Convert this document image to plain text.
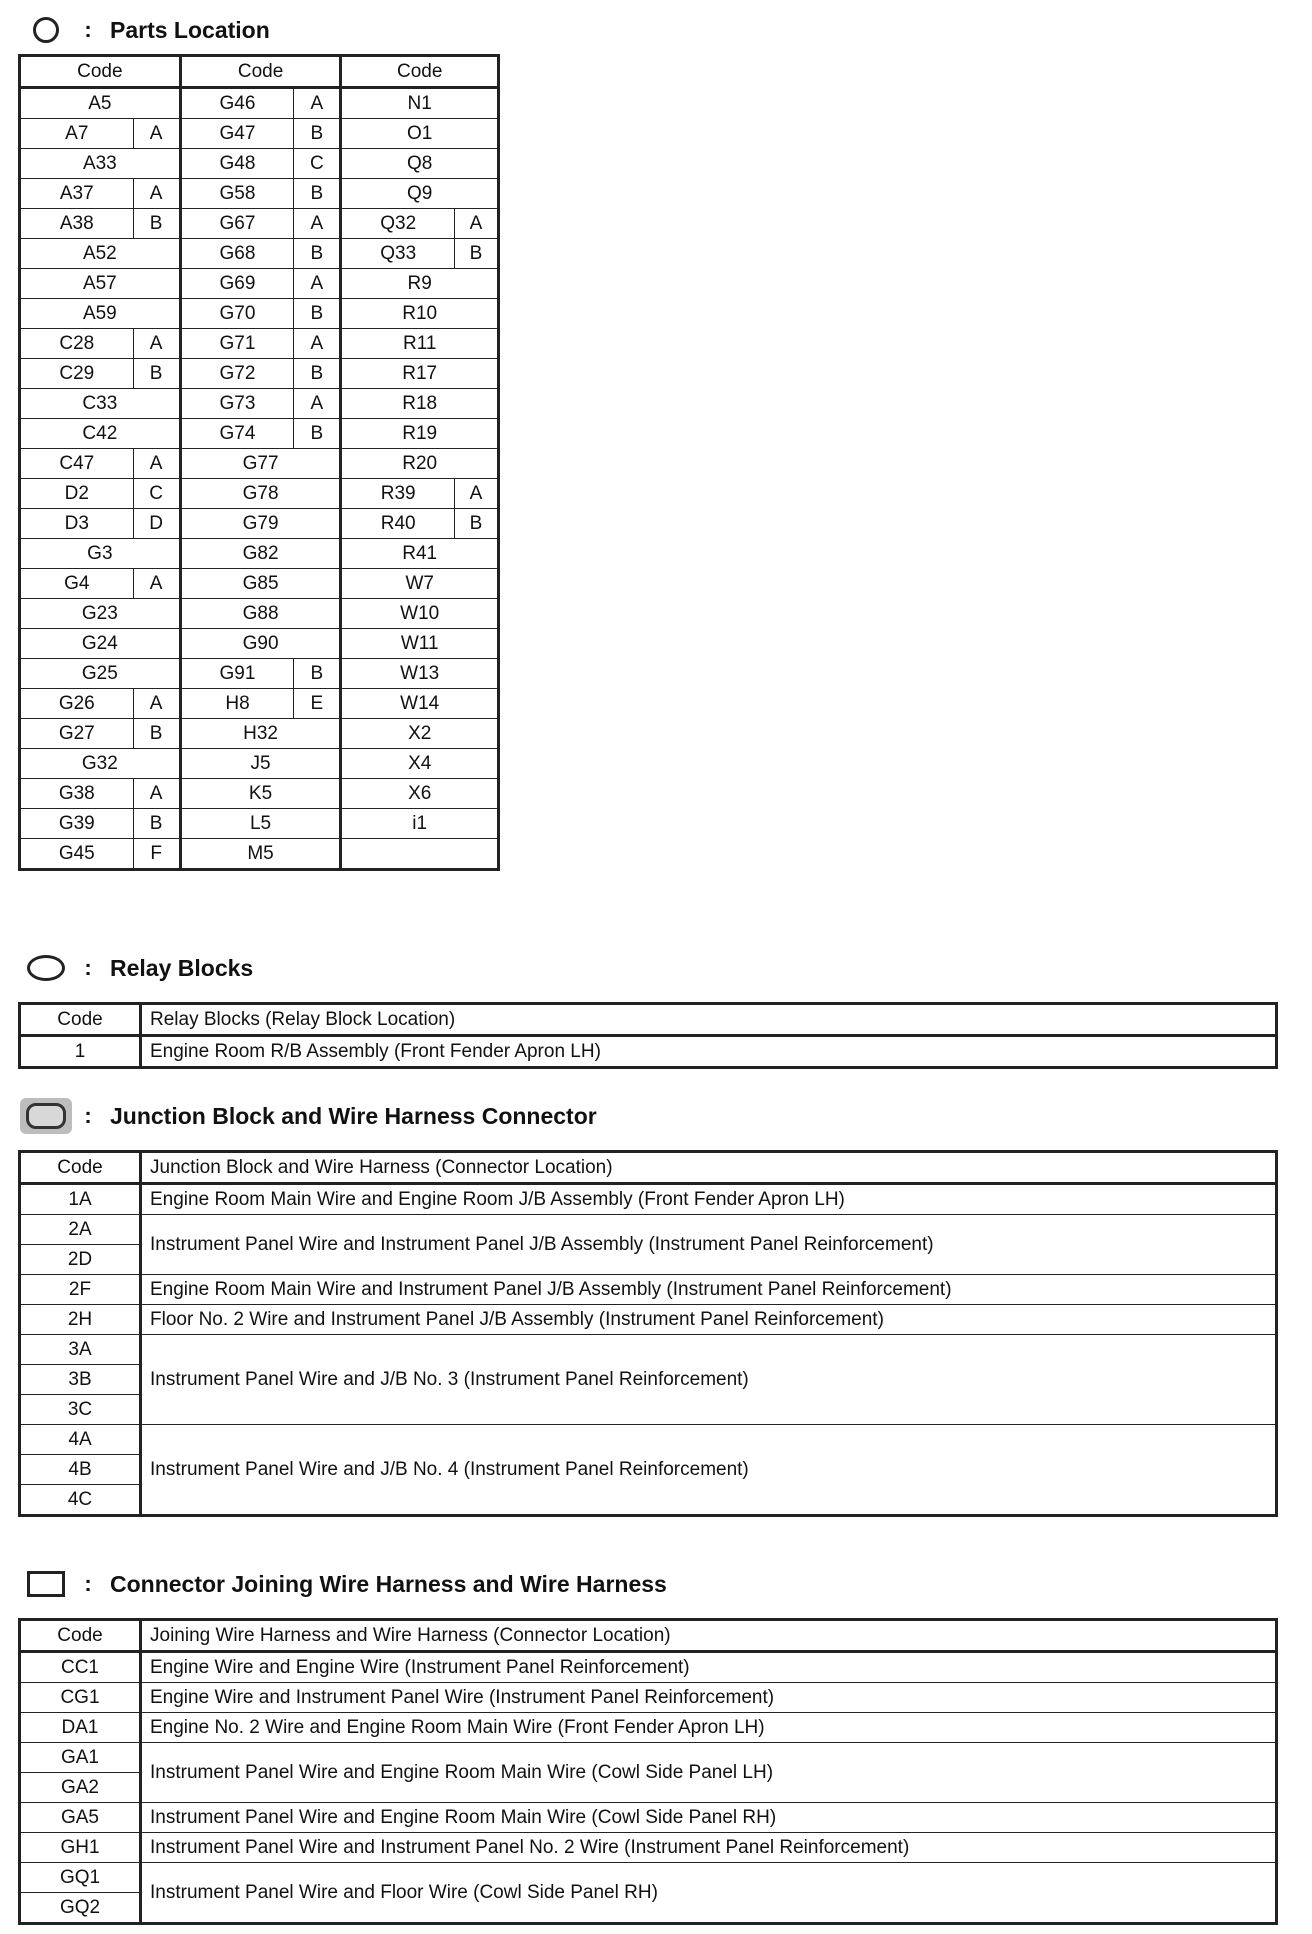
: Parts Location
Code		Code		Code	
A5		G46	A	N1	
A7	A	G47	B	O1	
A33		G48	C	Q8	
A37	A	G58	B	Q9	
A38	B	G67	A	Q32	A
A52		G68	B	Q33	B
A57		G69	A	R9	
A59		G70	B	R10	
C28	A	G71	A	R11	
C29	B	G72	B	R17	
C33		G73	A	R18	
C42		G74	B	R19	
C47	A	G77		R20	
D2	C	G78		R39	A
D3	D	G79		R40	B
G3		G82		R41	
G4	A	G85		W7	
G23		G88		W10	
G24		G90		W11	
G25		G91	B	W13	
G26	A	H8	E	W14	
G27	B	H32		X2	
G32		J5		X4	
G38	A	K5		X6	
G39	B	L5		i1	
G45	F	M5			
: Relay Blocks
Code	Relay Blocks (Relay Block Location)
1	Engine Room R/B Assembly (Front Fender Apron LH)
: Junction Block and Wire Harness Connector
Code	Junction Block and Wire Harness (Connector Location)
1A	Engine Room Main Wire and Engine Room J/B Assembly (Front Fender Apron LH)
2A	Instrument Panel Wire and Instrument Panel J/B Assembly (Instrument Panel Reinforcement)
2D	
2F	Engine Room Main Wire and Instrument Panel J/B Assembly (Instrument Panel Reinforcement)
2H	Floor No. 2 Wire and Instrument Panel J/B Assembly (Instrument Panel Reinforcement)
3A	Instrument Panel Wire and J/B No. 3 (Instrument Panel Reinforcement)
3B	
3C	
4A	Instrument Panel Wire and J/B No. 4 (Instrument Panel Reinforcement)
4B	
4C	
: Connector Joining Wire Harness and Wire Harness
Code	Joining Wire Harness and Wire Harness (Connector Location)
CC1	Engine Wire and Engine Wire (Instrument Panel Reinforcement)
CG1	Engine Wire and Instrument Panel Wire (Instrument Panel Reinforcement)
DA1	Engine No. 2 Wire and Engine Room Main Wire (Front Fender Apron LH)
GA1	Instrument Panel Wire and Engine Room Main Wire (Cowl Side Panel LH)
GA2	
GA5	Instrument Panel Wire and Engine Room Main Wire (Cowl Side Panel RH)
GH1	Instrument Panel Wire and Instrument Panel No. 2 Wire (Instrument Panel Reinforcement)
GQ1	Instrument Panel Wire and Floor Wire (Cowl Side Panel RH)
GQ2	
